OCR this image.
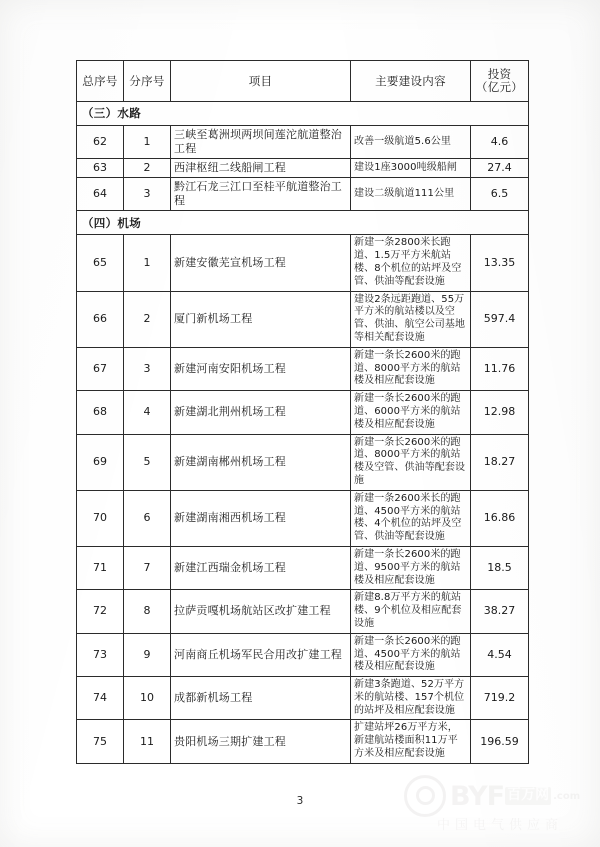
总序号	分序号	项目	主要建设内容	投资
（亿元）

（三）水路				
62	1	三峡至葛洲坝两坝间莲沱航道整治工程	改善一级航道5.6公里	4.6
63	2	西津枢纽二线船闸工程	建设1座3000吨级船闸	27.4
64	3	黔江石龙三江口至桂平航道整治工程	建设二级航道111公里	6.5
（四）机场				
65	1	新建安徽芜宣机场工程	新建一条2800米长跑道、1.5万平方米航站楼、8个机位的站坪及空管、供油等配套设施	13.35
66	2	厦门新机场工程	建设2条远距跑道、55万平方米的航站楼以及空管、供油、航空公司基地等相关配套设施	597.4
67	3	新建河南安阳机场工程	新建一条长2600米的跑道、8000平方米的航站楼及相应配套设施	11.76
68	4	新建湖北荆州机场工程	新建一条长2600米的跑道、6000平方米的航站楼及相应配套设施	12.98
69	5	新建湖南郴州机场工程	新建一条长2600米的跑道、8000平方米的航站楼及空管、供油等配套设施	18.27
70	6	新建湖南湘西机场工程	新建一条2600米长的跑道、4500平方米的航站楼、4个机位的站坪及空管、供油等配套设施	16.86
71	7	新建江西瑞金机场工程	新建一条长2600米的跑道、9500平方米的航站楼及相应配套设施	18.5
72	8	拉萨贡嘎机场航站区改扩建工程	新建8.8万平方米的航站楼、9个机位及相应配套设施	38.27
73	9	河南商丘机场军民合用改扩建工程	新建一条长2600米的跑道、4500平方米的航站楼及相应配套设施	4.54
74	10	成都新机场工程	新建3条跑道、52万平方米的航站楼、157个机位的站坪及相应配套设施	719.2
75	11	贵阳机场三期扩建工程	扩建站坪26万平方米，新建航站楼面积11万平方米及相应配套设施	196.59
3	BYF 百万网 .com
中国电气供应商
